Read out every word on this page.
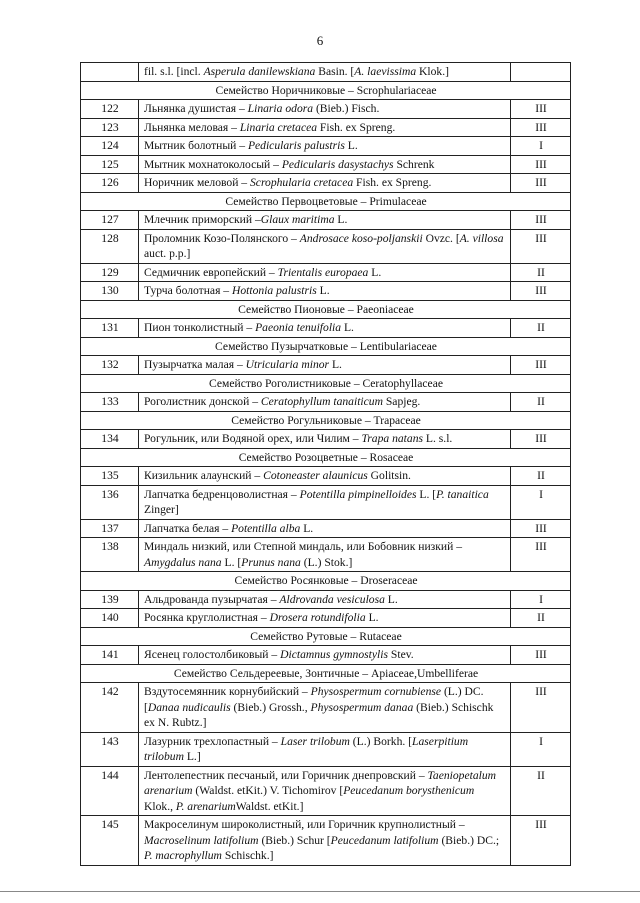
6
	fil. s.l. [incl. Asperula danilewskiana Basin. [A. laevissima Klok.]	
Семейство Норичниковые – Scrophulariaceae		
122	Льнянка душистая – Linaria odora (Bieb.) Fisch.	III
123	Льнянка меловая – Linaria cretacea Fish. ex Spreng.	III
124	Мытник болотный – Pedicularis palustris L.	I
125	Мытник мохнатоколосый – Pedicularis dasystachys Schrenk	III
126	Норичник меловой – Scrophularia cretacea Fish. ex Spreng.	III
Семейство Первоцветовые – Primulaceae		
127	Млечник приморский –Glaux maritima L.	III
128	Проломник Козо-Полянского – Androsace koso-poljanskii Ovzc. [A. villosa auct. p.p.]	III
129	Седмичник европейский – Trientalis europaea L.	II
130	Турча болотная – Hottonia palustris L.	III
Семейство Пионовые – Paeoniaceae		
131	Пион тонколистный – Paeonia tenuifolia L.	II
Семейство Пузырчатковые – Lentibulariaceae		
132	Пузырчатка малая – Utricularia minor L.	III
Семейство Роголистниковые – Ceratophyllaceae		
133	Роголистник донской – Ceratophyllum tanaiticum Sapjeg.	II
Семейство Рогульниковые – Trapaceae		
134	Рогульник, или Водяной орех, или Чилим – Trapa natans L. s.l.	III
Семейство Розоцветные – Rosaceae		
135	Кизильник алаунский – Cotoneaster alaunicus Golitsin.	II
136	Лапчатка бедренцоволистная – Potentilla pimpinelloides L. [P. tanaitica Zinger]	I
137	Лапчатка белая – Potentilla alba L.	III
138	Миндаль низкий, или Степной миндаль, или Бобовник низкий – Amygdalus nana L. [Prunus nana (L.) Stok.]	III
Семейство Росянковые – Droseraceae		
139	Альдрованда пузырчатая – Aldrovanda vesiculosa L.	I
140	Росянка круглолистная – Drosera rotundifolia L.	II
Семейство Рутовые – Rutaceae		
141	Ясенец голостолбиковый – Dictamnus gymnostylis Stev.	III
Семейство Сельдереевые, Зонтичные – Apiaceae,Umbelliferae		
142	Вздутосемянник корнубийский – Physospermum cornubiense (L.) DC. [Danaa nudicaulis (Bieb.) Grossh., Physospermum danaa (Bieb.) Schischk ex N. Rubtz.]	III
143	Лазурник трехлопастный – Laser trilobum (L.) Borkh. [Laserpitium trilobum L.]	I
144	Лентолепестник песчаный, или Горичник днепровский – Taeniopetalum arenarium (Waldst. etKit.) V. Tichomirov [Peucedanum borysthenicum Klok., P. arenariumWaldst. etKit.]	II
145	Макроселинум широколистный, или Горичник крупнолистный – Macroselinum latifolium (Bieb.) Schur [Peucedanum latifolium (Bieb.) DC.; P. macrophyllum Schischk.]	III
